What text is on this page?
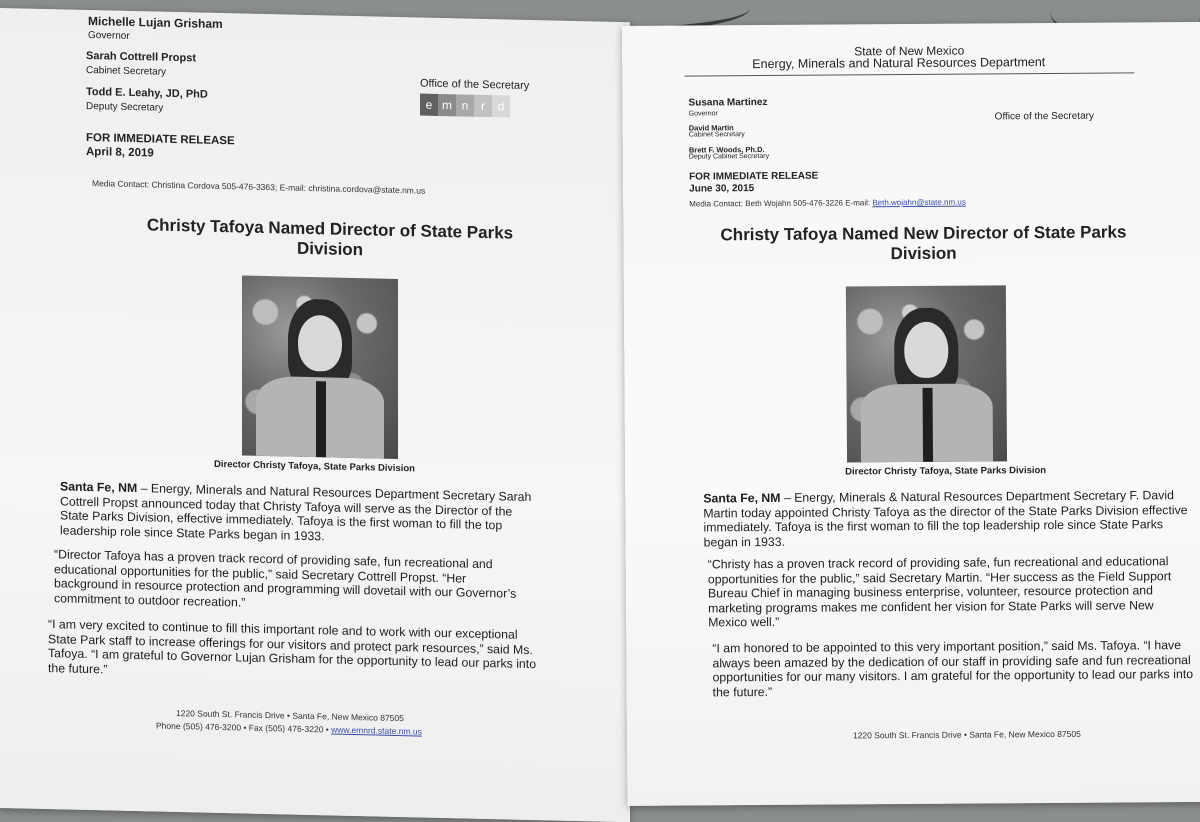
Michelle Lujan Grisham
Governor
Sarah Cottrell Propst
Cabinet Secretary
Todd E. Leahy, JD, PhD
Deputy Secretary
Office of the Secretary
e m n	r	d
FOR IMMEDIATE RELEASE
April 8, 2019
Media Contact: Christina Cordova 505-476-3363; E-mail: christina.cordova@state.nm.us
Christy Tafoya Named Director of State Parks Division
Director Christy Tafoya, State Parks Division
Santa Fe, NM – Energy, Minerals and Natural Resources Department Secretary Sarah Cottrell Propst announced today that Christy Tafoya will serve as the Director of the State Parks Division, effective immediately. Tafoya is the first woman to fill the top leadership role since State Parks began in 1933.
“Director Tafoya has a proven track record of providing safe, fun recreational and educational opportunities for the public,” said Secretary Cottrell Propst. “Her background in resource protection and programming will dovetail with our Governor’s commitment to outdoor recreation.”
“I am very excited to continue to fill this important role and to work with our exceptional State Park staff to increase offerings for our visitors and protect park resources,” said Ms. Tafoya. “I am grateful to Governor Lujan Grisham for the opportunity to lead our parks into the future.”
1220 South St. Francis Drive • Santa Fe, New Mexico 87505
Phone (505) 476-3200 • Fax (505) 476-3220 • www.emnrd.state.nm.us
State of New Mexico
Energy, Minerals and Natural Resources Department
Susana Martinez
Governor	Office of the Secretary
David Martin
Cabinet Secretary
Brett F. Woods, Ph.D.
Deputy Cabinet Secretary
FOR IMMEDIATE RELEASE
June 30, 2015
Media Contact: Beth Wojahn 505-476-3226 E-mail: Beth.wojahn@state.nm.us
Christy Tafoya Named New Director of State Parks Division
Director Christy Tafoya, State Parks Division
Santa Fe, NM – Energy, Minerals & Natural Resources Department Secretary F. David Martin today appointed Christy Tafoya as the director of the State Parks Division effective immediately. Tafoya is the first woman to fill the top leadership role since State Parks began in 1933.
“Christy has a proven track record of providing safe, fun recreational and educational opportunities for the public,” said Secretary Martin. “Her success as the Field Support Bureau Chief in managing business enterprise, volunteer, resource protection and marketing programs makes me confident her vision for State Parks will serve New Mexico well.”
“I am honored to be appointed to this very important position,” said Ms. Tafoya. “I have always been amazed by the dedication of our staff in providing safe and fun recreational opportunities for our many visitors. I am grateful for the opportunity to lead our parks into the future.”
1220 South St. Francis Drive • Santa Fe, New Mexico 87505
